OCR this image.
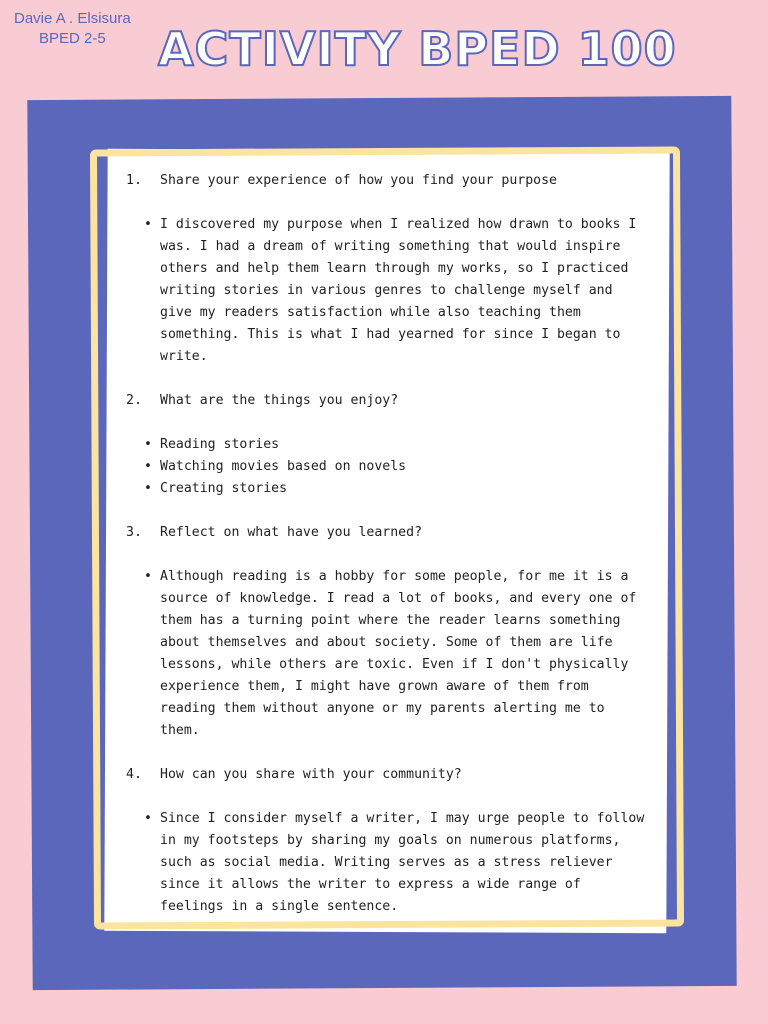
Davie A . Elsisura
BPED 2-5	ACTIVITY BPED 100
1.	Share your experience of how you find your purpose
• I discovered my purpose when I realized how drawn to books I was. I had a dream of writing something that would inspire others and help them learn through my works, so I practiced writing stories in various genres to challenge myself and give my readers satisfaction while also teaching them something. This is what I had yearned for since I began to write.
2.	What are the things you enjoy?
• Reading stories
• Watching movies based on novels
• Creating stories
3.	Reflect on what have you learned?
• Although reading is a hobby for some people, for me it is a source of knowledge. I read a lot of books, and every one of them has a turning point where the reader learns something about themselves and about society. Some of them are life lessons, while others are toxic. Even if I don't physically experience them, I might have grown aware of them from reading them without anyone or my parents alerting me to them.
4.	How can you share with your community?
• Since I consider myself a writer, I may urge people to follow in my footsteps by sharing my goals on numerous platforms, such as social media. Writing serves as a stress reliever since it allows the writer to express a wide range of feelings in a single sentence.
